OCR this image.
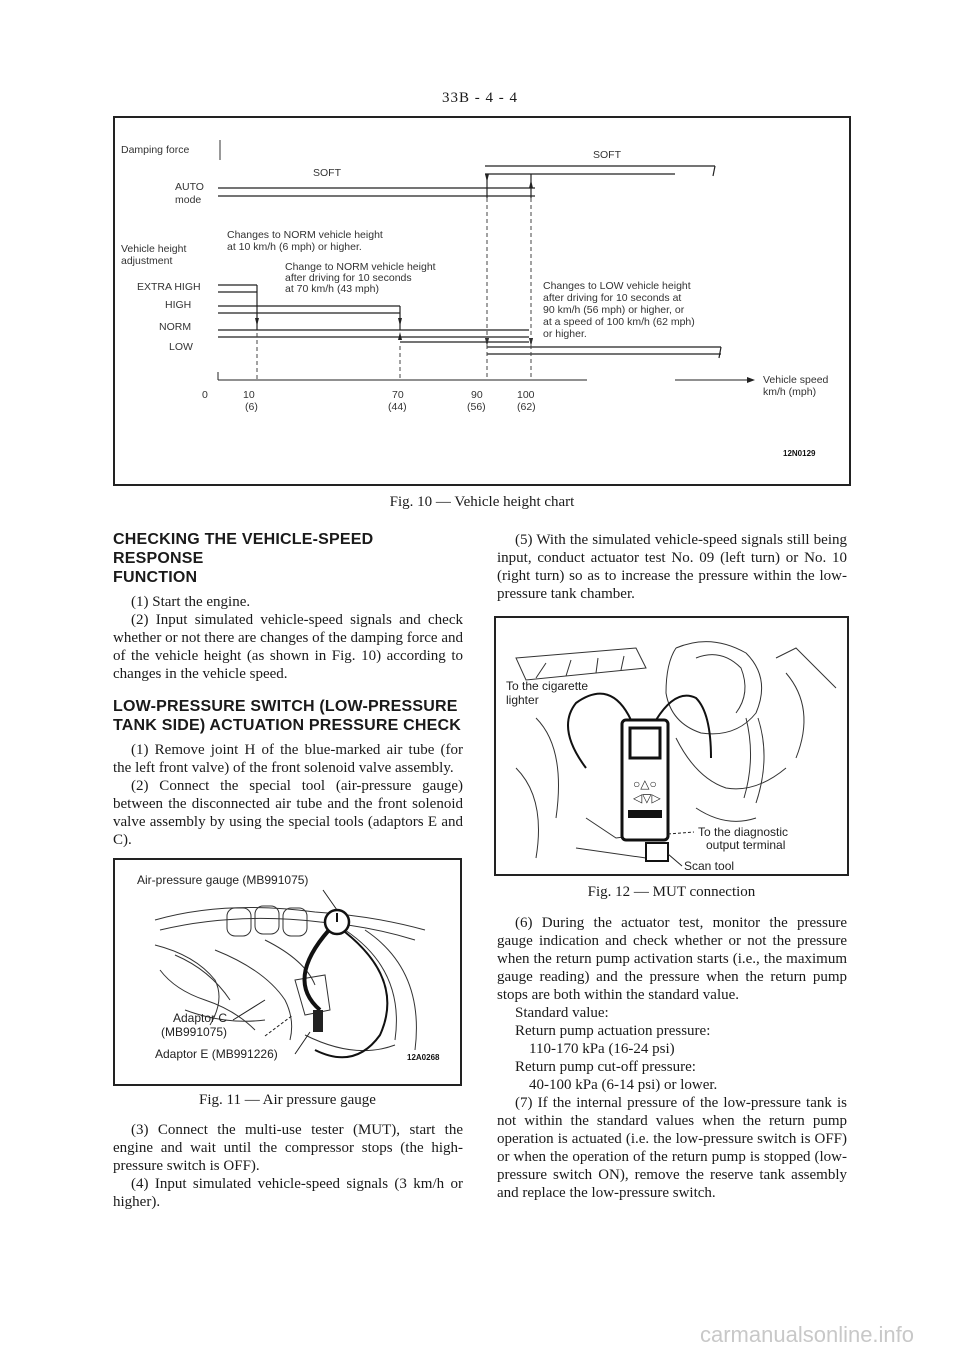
33B - 4 - 4
Damping force
AUTO
mode
SOFT
SOFT
Vehicle height
adjustment
EXTRA HIGH
HIGH
NORM
LOW
Changes to NORM vehicle height
at 10 km/h (6 mph) or higher.
Change to NORM vehicle height
after driving for 10 seconds
at 70 km/h (43 mph)	Changes to LOW vehicle height
after driving for 10 seconds at
90 km/h (56 mph) or higher, or
at a speed of 100 km/h (62 mph)
or higher.
0	10
(6)
70
(44)
90
(56)
100
(62)
Vehicle speed
km/h (mph)
12N0129
Fig. 10 — Vehicle height chart
CHECKING THE VEHICLE-SPEED RESPONSE
FUNCTION

(1) Start the engine.

(2) Input simulated vehicle-speed signals and check whether or not there are changes of the damping force and of the vehicle height (as shown in Fig. 10) according to changes in the vehicle speed.

LOW-PRESSURE SWITCH (LOW-PRESSURE
TANK SIDE) ACTUATION PRESSURE CHECK

(1) Remove joint H of the blue-marked air tube (for the left front valve) of the front solenoid valve assembly.

(2) Connect the special tool (air-pressure gauge) between the disconnected air tube and the front solenoid valve assembly by using the special tools (adaptors E and C).

Air-pressure gauge (MB991075)
Adaptor C
(MB991075)
Adaptor E (MB991226)	12A0268
Fig. 11 — Air pressure gauge

(3) Connect the multi-use tester (MUT), start the engine and wait until the compressor stops (the high-pressure switch is OFF).

(4) Input simulated vehicle-speed signals (3 km/h or higher).

(5) With the simulated vehicle-speed signals still being input, conduct actuator test No. 09 (left turn) or No. 10 (right turn) so as to increase the pressure within the low-pressure tank chamber.

○△○
◁▽▷
To the cigarette
lighter
To the diagnostic
output terminal
Scan tool
Fig. 12 — MUT connection

(6) During the actuator test, monitor the pressure gauge indication and check whether or not the pressure when the return pump activation starts (i.e., the maximum gauge reading) and the pressure when the return pump stops are both within the standard value.

Standard value:

Return pump actuation pressure:

110-170 kPa (16-24 psi)

Return pump cut-off pressure:

40-100 kPa (6-14 psi) or lower.

(7) If the internal pressure of the low-pressure tank is not within the standard values when the return pump operation is actuated (i.e. the low-pressure switch is OFF) or when the operation of the return pump is stopped (low-pressure switch ON), remove the reserve tank assembly and replace the low-pressure switch.

carmanualsonline.info
